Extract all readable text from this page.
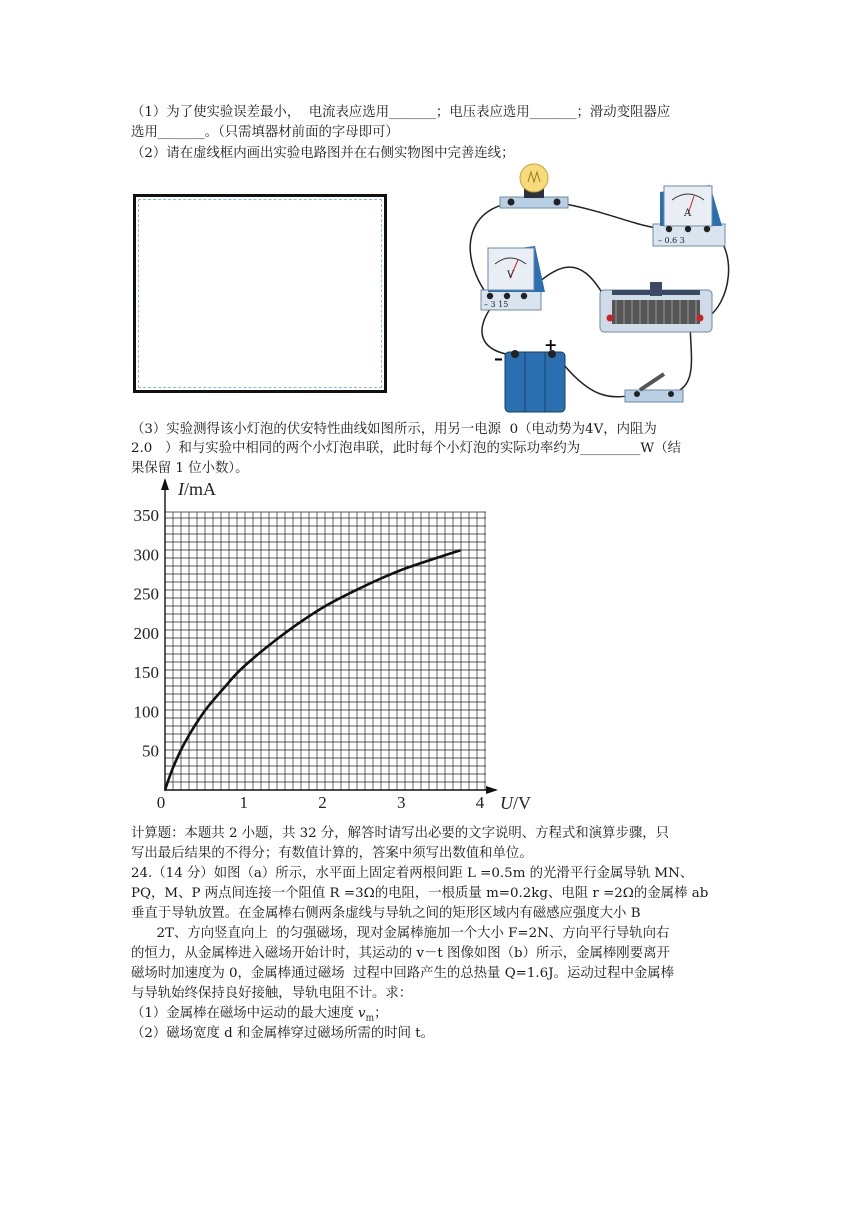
（1）为了使实验误差最小，  电流表应选用_______；电压表应选用_______；滑动变阻器应
选用_______。（只需填器材前面的字母即可）
（2）请在虚线框内画出实验电路图并在右侧实物图中完善连线；
A
– 0.6 3
V
– 3 15
–
+
（3）实验测得该小灯泡的伏安特性曲线如图所示，用另一电源  0（电动势为4V，内阻为
2.0   ）和与实验中相同的两个小灯泡串联，此时每个小灯泡的实际功率约为_________W（结
果保留 1 位小数）。
50
100
150
200
250
300
350
1	2	3	4
0
I/mA
U/V
计算题：本题共 2 小题，共 32 分，解答时请写出必要的文字说明、方程式和演算步骤，只
写出最后结果的不得分；有数值计算的，答案中须写出数值和单位。
24.（14 分）如图（a）所示，水平面上固定着两根间距 L =0.5m 的光滑平行金属导轨 MN、
PQ，M、P 两点间连接一个阻值 R =3Ω的电阻，一根质量 m=0.2kg、电阻 r =2Ω的金属棒 ab
垂直于导轨放置。在金属棒右侧两条虚线与导轨之间的矩形区域内有磁感应强度大小 B
2T、方向竖直向上  的匀强磁场，现对金属棒施加一个大小 F=2N、方向平行导轨向右
的恒力，从金属棒进入磁场开始计时，其运动的 v－t 图像如图（b）所示，金属棒刚要离开
磁场时加速度为 0，金属棒通过磁场  过程中回路产生的总热量 Q=1.6J。运动过程中金属棒
与导轨始终保持良好接触，导轨电阻不计。求：
（1）金属棒在磁场中运动的最大速度 $v_m$；
（2）磁场宽度 d 和金属棒穿过磁场所需的时间 t。
